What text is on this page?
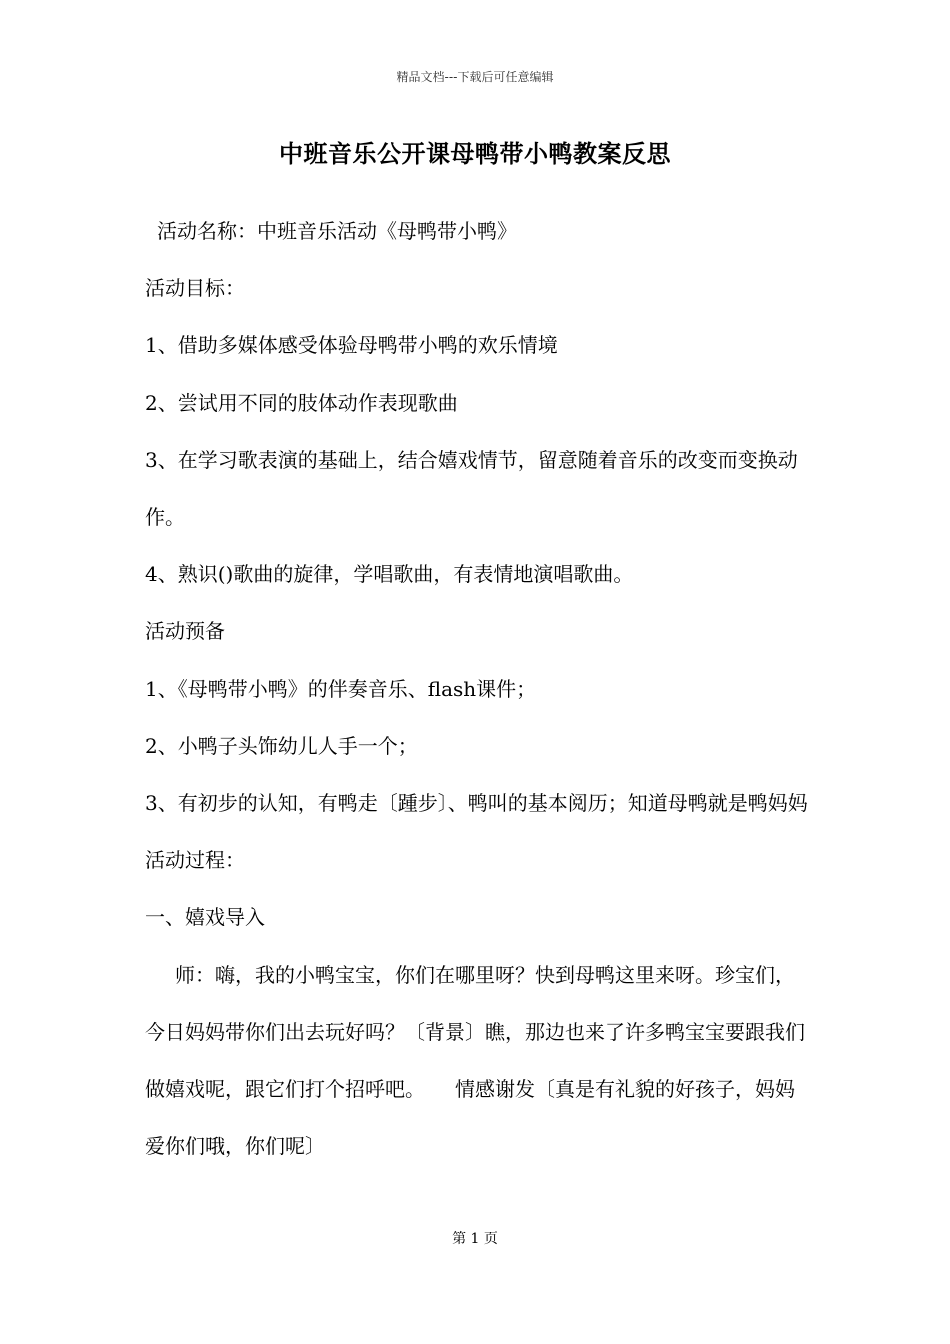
精品文档---下载后可任意编辑
中班音乐公开课母鸭带小鸭教案反思

活动名称：中班音乐活动《母鸭带小鸭》

活动目标：

1、借助多媒体感受体验母鸭带小鸭的欢乐情境

2、尝试用不同的肢体动作表现歌曲

3、在学习歌表演的基础上，结合嬉戏情节，留意随着音乐的改变而变换动作。

4、熟识()歌曲的旋律，学唱歌曲，有表情地演唱歌曲。

活动预备

1、《母鸭带小鸭》的伴奏音乐、flash课件；

2、小鸭子头饰幼儿人手一个；

3、有初步的认知，有鸭走〔踵步〕、鸭叫的基本阅历；知道母鸭就是鸭妈妈

活动过程：

一、嬉戏导入

师：嗨，我的小鸭宝宝，你们在哪里呀？快到母鸭这里来呀。珍宝们，今日妈妈带你们出去玩好吗？〔背景〕瞧，那边也来了许多鸭宝宝要跟我们做嬉戏呢，跟它们打个招呼吧。　　情感谢发〔真是有礼貌的好孩子，妈妈爱你们哦，你们呢〕

第 1 页
